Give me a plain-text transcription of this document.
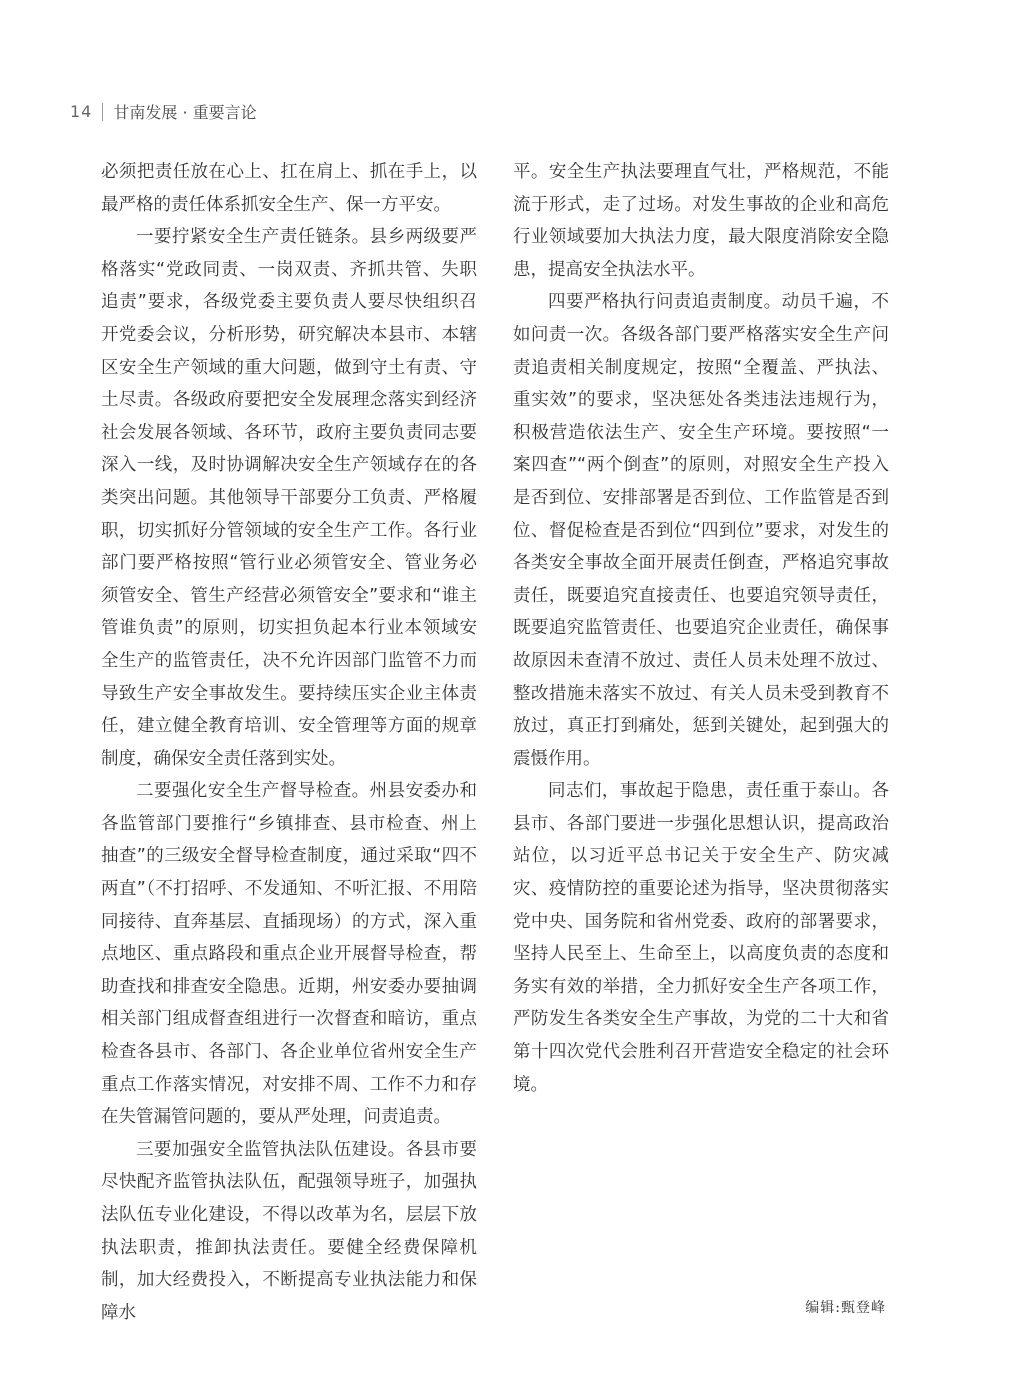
14 甘南发展 · 重要言论

必须把责任放在心上、扛在肩上、抓在手上，以最严格的责任体系抓安全生产、保一方平安。

一要拧紧安全生产责任链条。县乡两级要严格落实“党政同责、一岗双责、齐抓共管、失职追责”要求，各级党委主要负责人要尽快组织召开党委会议，分析形势，研究解决本县市、本辖区安全生产领域的重大问题，做到守土有责、守土尽责。各级政府要把安全发展理念落实到经济社会发展各领域、各环节，政府主要负责同志要深入一线，及时协调解决安全生产领域存在的各类突出问题。其他领导干部要分工负责、严格履职，切实抓好分管领域的安全生产工作。各行业部门要严格按照“管行业必须管安全、管业务必须管安全、管生产经营必须管安全”要求和“谁主管谁负责”的原则，切实担负起本行业本领域安全生产的监管责任，决不允许因部门监管不力而导致生产安全事故发生。要持续压实企业主体责任，建立健全教育培训、安全管理等方面的规章制度，确保安全责任落到实处。

二要强化安全生产督导检查。州县安委办和各监管部门要推行“乡镇排查、县市检查、州上抽查”的三级安全督导检查制度，通过采取“四不两直”（不打招呼、不发通知、不听汇报、不用陪同接待、直奔基层、直插现场）的方式，深入重点地区、重点路段和重点企业开展督导检查，帮助查找和排查安全隐患。近期，州安委办要抽调相关部门组成督查组进行一次督查和暗访，重点检查各县市、各部门、各企业单位省州安全生产重点工作落实情况，对安排不周、工作不力和存在失管漏管问题的，要从严处理，问责追责。

三要加强安全监管执法队伍建设。各县市要尽快配齐监管执法队伍，配强领导班子，加强执法队伍专业化建设，不得以改革为名，层层下放执法职责，推卸执法责任。要健全经费保障机制，加大经费投入，不断提高专业执法能力和保障水

平。安全生产执法要理直气壮，严格规范，不能流于形式，走了过场。对发生事故的企业和高危行业领域要加大执法力度，最大限度消除安全隐患，提高安全执法水平。

四要严格执行问责追责制度。动员千遍，不如问责一次。各级各部门要严格落实安全生产问责追责相关制度规定，按照“全覆盖、严执法、重实效”的要求，坚决惩处各类违法违规行为，积极营造依法生产、安全生产环境。要按照“一案四查”“两个倒查”的原则，对照安全生产投入是否到位、安排部署是否到位、工作监管是否到位、督促检查是否到位“四到位”要求，对发生的各类安全事故全面开展责任倒查，严格追究事故责任，既要追究直接责任、也要追究领导责任，既要追究监管责任、也要追究企业责任，确保事故原因未查清不放过、责任人员未处理不放过、整改措施未落实不放过、有关人员未受到教育不放过，真正打到痛处，惩到关键处，起到强大的震慑作用。

同志们，事故起于隐患，责任重于泰山。各县市、各部门要进一步强化思想认识，提高政治站位，以习近平总书记关于安全生产、防灾减灾、疫情防控的重要论述为指导，坚决贯彻落实党中央、国务院和省州党委、政府的部署要求，坚持人民至上、生命至上，以高度负责的态度和务实有效的举措，全力抓好安全生产各项工作，严防发生各类安全生产事故，为党的二十大和省第十四次党代会胜利召开营造安全稳定的社会环境。

编辑:甄登峰
